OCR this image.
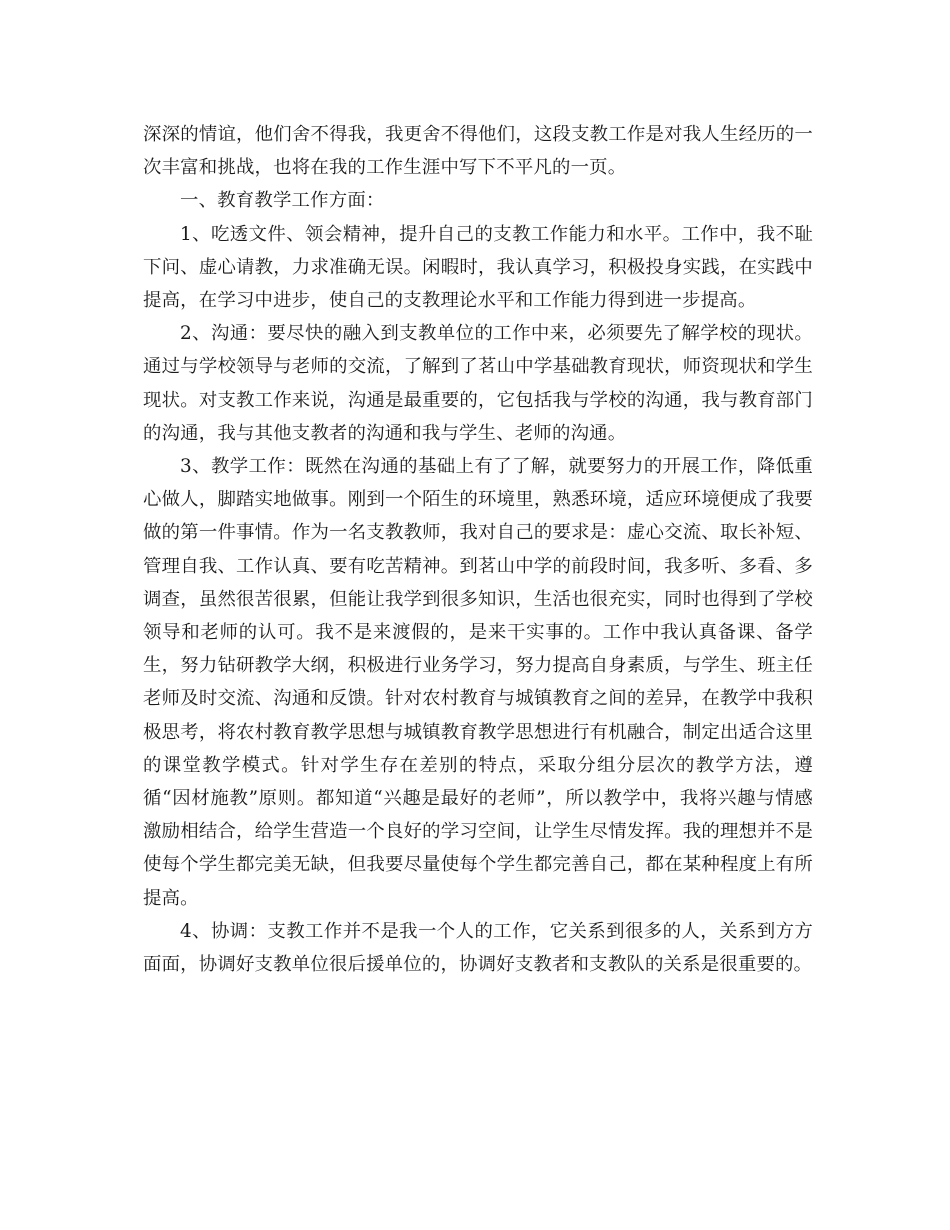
深深的情谊，他们舍不得我，我更舍不得他们，这段支教工作是对我人生经历的一次丰富和挑战，也将在我的工作生涯中写下不平凡的一页。

一、教育教学工作方面：

1、吃透文件、领会精神，提升自己的支教工作能力和水平。工作中，我不耻下问、虚心请教，力求准确无误。闲暇时，我认真学习，积极投身实践，在实践中提高，在学习中进步，使自己的支教理论水平和工作能力得到进一步提高。

2、沟通：要尽快的融入到支教单位的工作中来，必须要先了解学校的现状。通过与学校领导与老师的交流，了解到了茗山中学基础教育现状，师资现状和学生现状。对支教工作来说，沟通是最重要的，它包括我与学校的沟通，我与教育部门的沟通，我与其他支教者的沟通和我与学生、老师的沟通。

3、教学工作：既然在沟通的基础上有了了解，就要努力的开展工作，降低重心做人，脚踏实地做事。刚到一个陌生的环境里，熟悉环境，适应环境便成了我要做的第一件事情。作为一名支教教师，我对自己的要求是：虚心交流、取长补短、管理自我、工作认真、要有吃苦精神。到茗山中学的前段时间，我多听、多看、多调查，虽然很苦很累，但能让我学到很多知识，生活也很充实，同时也得到了学校领导和老师的认可。我不是来渡假的，是来干实事的。工作中我认真备课、备学生，努力钻研教学大纲，积极进行业务学习，努力提高自身素质，与学生、班主任老师及时交流、沟通和反馈。针对农村教育与城镇教育之间的差异，在教学中我积极思考，将农村教育教学思想与城镇教育教学思想进行有机融合，制定出适合这里的课堂教学模式。针对学生存在差别的特点，采取分组分层次的教学方法，遵循“因材施教”原则。都知道“兴趣是最好的老师”，所以教学中，我将兴趣与情感激励相结合，给学生营造一个良好的学习空间，让学生尽情发挥。我的理想并不是使每个学生都完美无缺，但我要尽量使每个学生都完善自己，都在某种程度上有所提高。

4、协调：支教工作并不是我一个人的工作，它关系到很多的人，关系到方方面面，协调好支教单位很后援单位的，协调好支教者和支教队的关系是很重要的。
